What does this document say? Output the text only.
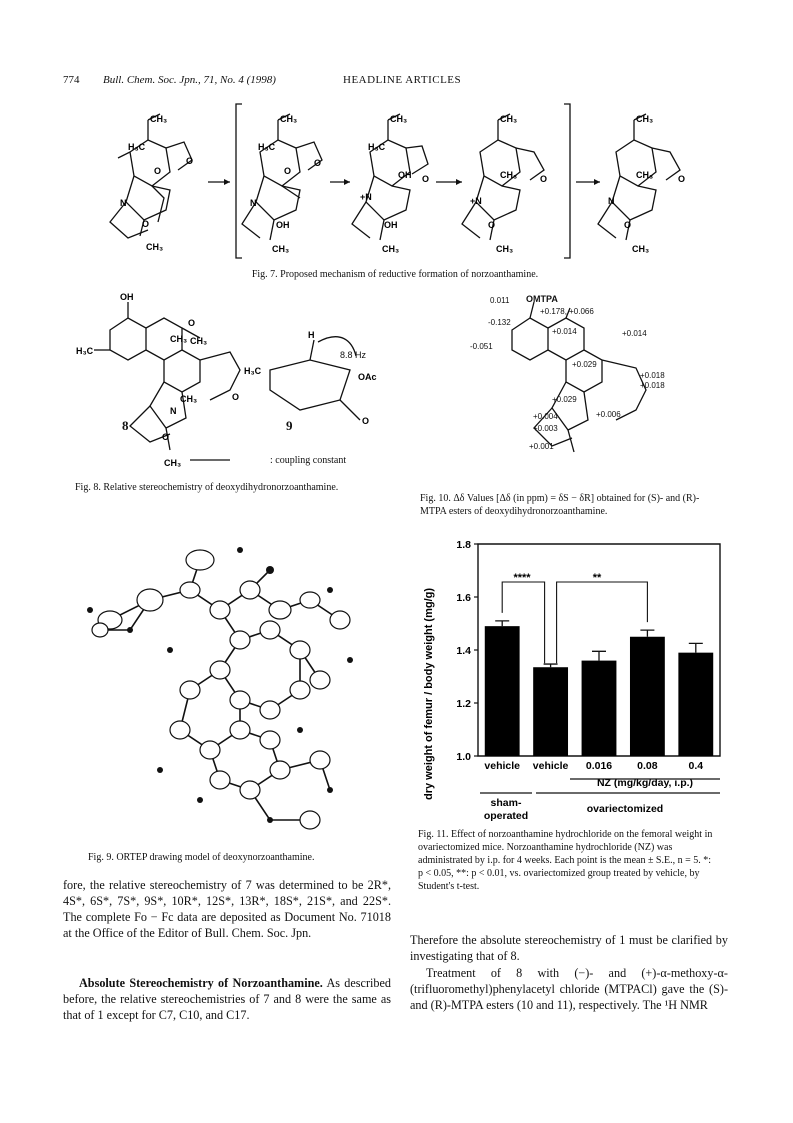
774 Bull. Chem. Soc. Jpn., 71, No. 4 (1998)	HEADLINE ARTICLES
CH₃
H₃C
O
O
N
O
CH₃
CH₃
H₃C
O
O
N
OH
CH₃
CH₃
H₃C
OH O
+N
OH
CH₃
CH₃
CH₃	O
+N
O
CH₃
CH₃
CH₃	O
N
O
CH₃
Fig. 7. Proposed mechanism of reductive formation of norzoanthamine.
OH
O
CH₃ CH₃
H₃C
O
CH₃
N
O
CH₃
H₃C
H
OAc
O
8	9
8.8 Hz
: coupling constant
Fig. 8. Relative stereochemistry of deoxydihydronorzoanthamine.
0.011 OMTPA
+0.178, +0.066
-0.132
+0.014	+0.014
-0.051
+0.029
+0.018
+0.018
+0.029
+0.004
+0.003
+0.006
+0.001
Fig. 10. Δδ Values [Δδ (in ppm) = δS − δR] obtained for (S)- and (R)-MTPA esters of deoxydihydronorzoanthamine.
Fig. 9. ORTEP drawing model of deoxynorzoanthamine.
1.0
1.2
1.4
1.6
1.8
vehicle vehicle 0.016 0.08	0.4
dry weight of femur / body weight (mg/g)
****	**
NZ (mg/kg/day, i.p.)
sham-operated
ovariectomized
Fig. 11. Effect of norzoanthamine hydrochloride on the femoral weight in ovariectomized mice. Norzoanthamine hydrochloride (NZ) was administrated by i.p. for 4 weeks. Each point is the mean ± S.E., n = 5. *: p < 0.05, **: p < 0.01, vs. ovariectomized group treated by vehicle, by Student's t-test.
fore, the relative stereochemistry of 7 was determined to be 2R*, 4S*, 6S*, 7S*, 9S*, 10R*, 12S*, 13R*, 18S*, 21S*, and 22S*. The complete Fo − Fc data are deposited as Document No. 71018 at the Office of the Editor of Bull. Chem. Soc. Jpn.
Absolute Stereochemistry of Norzoanthamine. As described before, the relative stereochemistries of 7 and 8 were the same as that of 1 except for C7, C10, and C17.
Therefore the absolute stereochemistry of 1 must be clarified by investigating that of 8.
Treatment of 8 with (−)- and (+)-α-methoxy-α-(trifluoromethyl)phenylacetyl chloride (MTPACl) gave the (S)- and (R)-MTPA esters (10 and 11), respectively. The ¹H NMR
